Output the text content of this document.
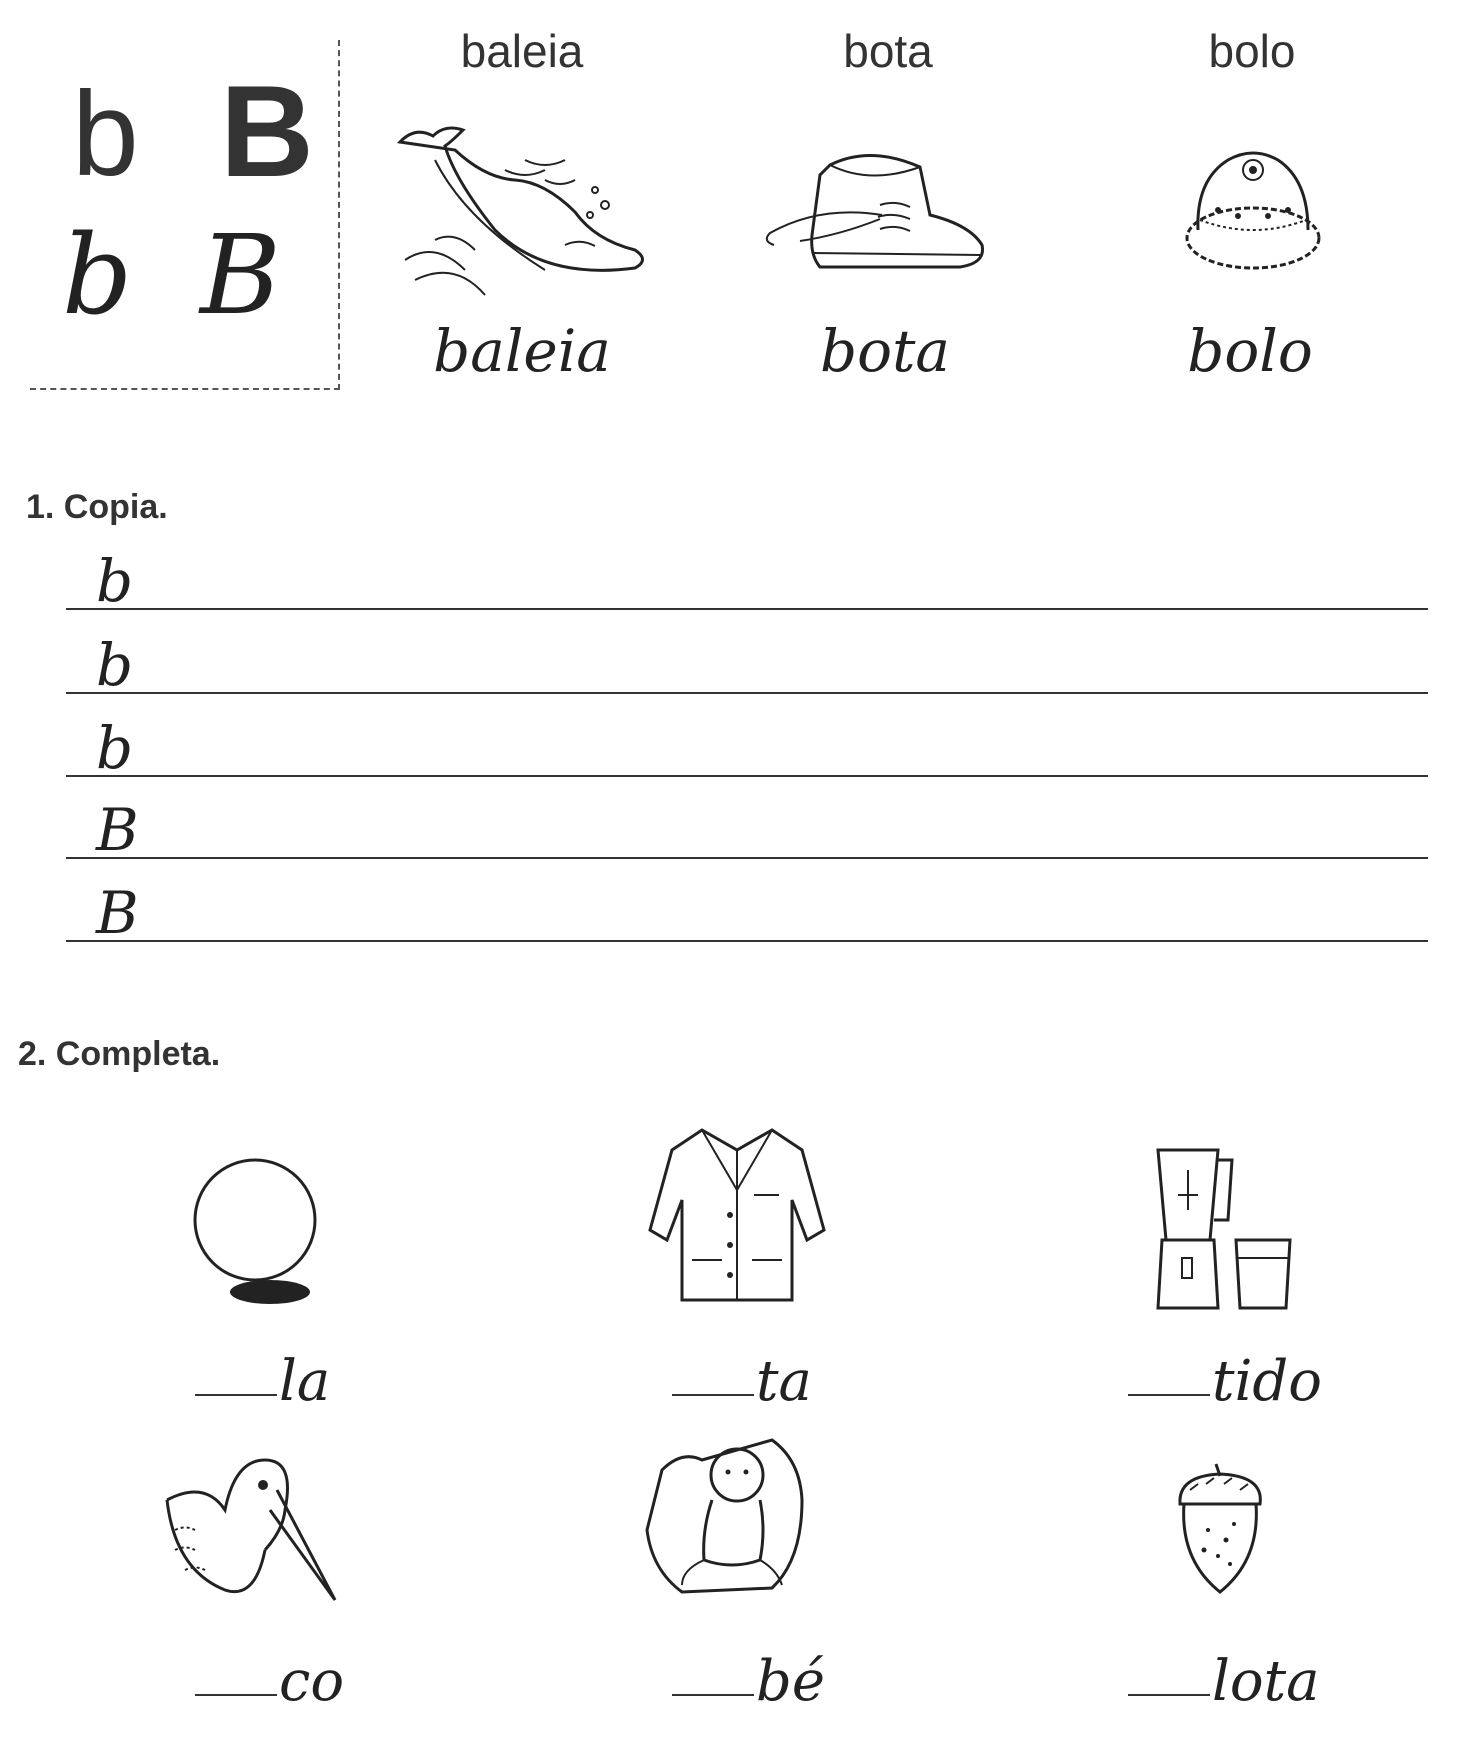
b B
b B
baleia
baleia
bota
bota
bolo
bolo
1. Copia.
b
b
b
B
B
2. Completa.
la	ta	tido
co	bé	lota
